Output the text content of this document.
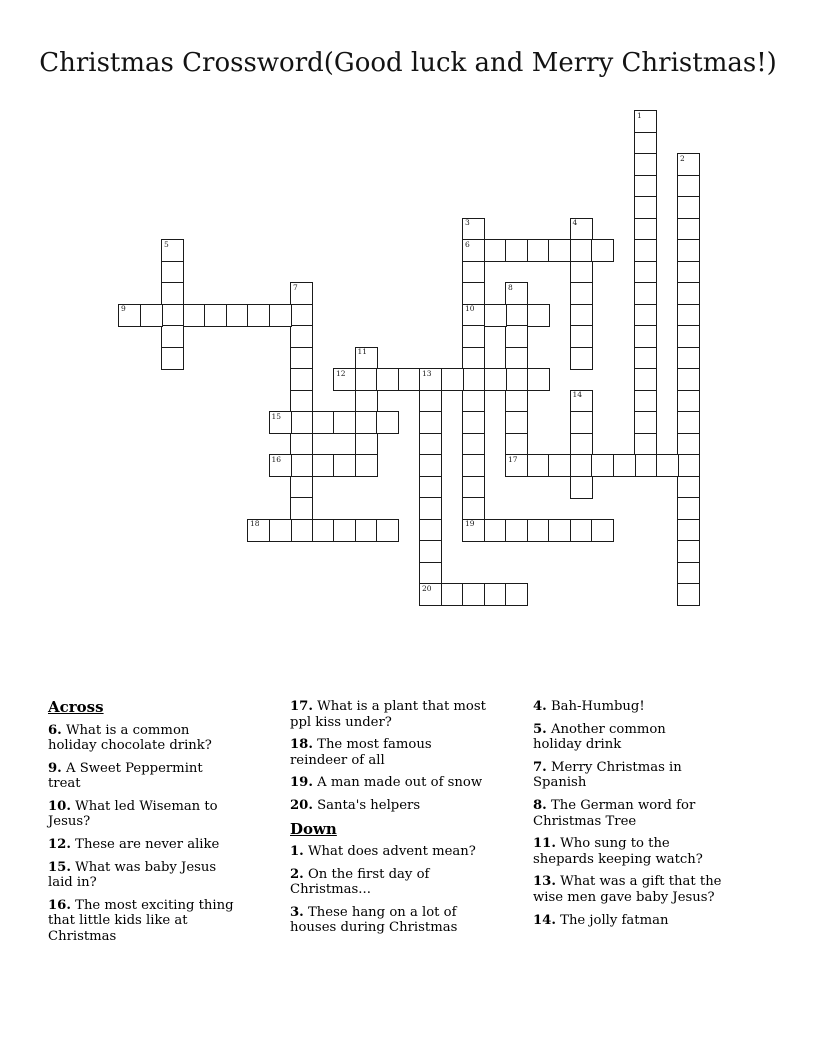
Christmas Crossword(Good luck and Merry Christmas!)
1
2
3
6
10
19
4
5
7	8
17
9
11
12	13
20
14
15
16
18
Across

6. What is a common
holiday chocolate drink?

9. A Sweet Peppermint
treat

10. What led Wiseman to
Jesus?

12. These are never alike

15. What was baby Jesus
laid in?

16. The most exciting thing
that little kids like at
Christmas

17. What is a plant that most
ppl kiss under?

18. The most famous
reindeer of all

19. A man made out of snow

20. Santa's helpers

Down

1. What does advent mean?

2. On the first day of
Christmas...

3. These hang on a lot of
houses during Christmas

4. Bah-Humbug!

5. Another common
holiday drink

7. Merry Christmas in
Spanish

8. The German word for
Christmas Tree

11. Who sung to the
shepards keeping watch?

13. What was a gift that the
wise men gave baby Jesus?

14. The jolly fatman
